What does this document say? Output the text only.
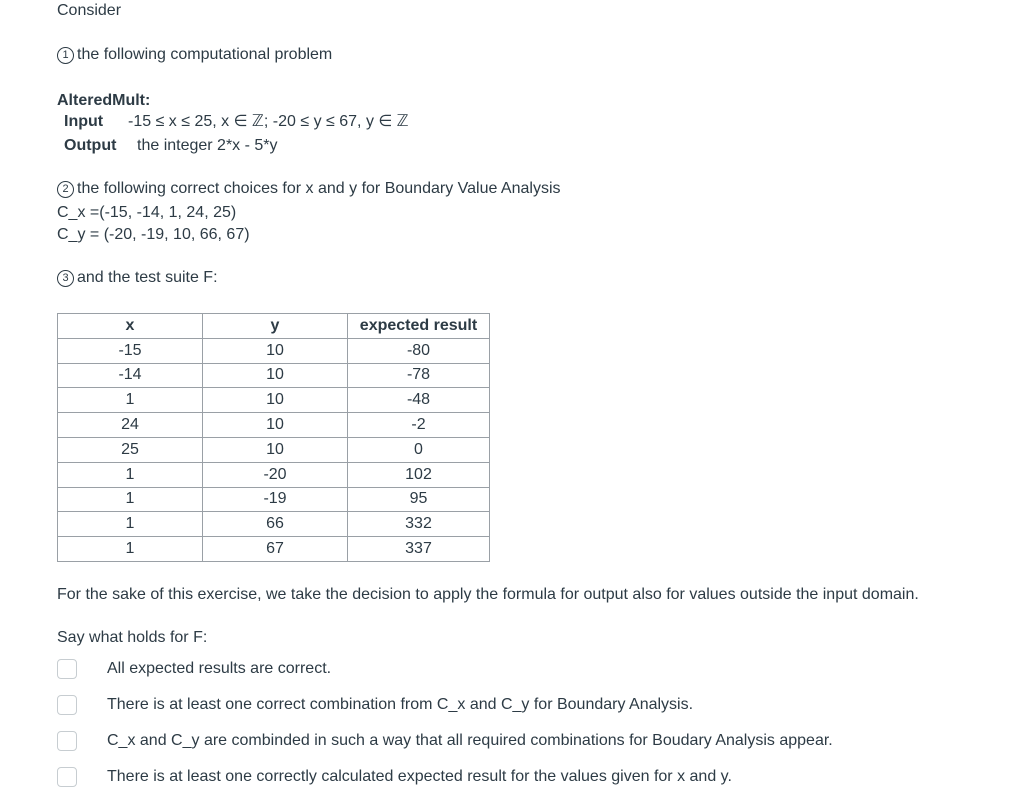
Consider
1 the following computational problem
AlteredMult:
Input -15 ≤ x ≤ 25, x ∈ ℤ; -20 ≤ y ≤ 67, y ∈ ℤ
Output the integer 2*x - 5*y
2 the following correct choices for x and y for Boundary Value Analysis
C_x =(-15, -14, 1, 24, 25)
C_y = (-20, -19, 10, 66, 67)
3 and the test suite F:
x	y	expected result
-15	10	-80
-14	10	-78
1	10	-48
24	10	-2
25	10	0
1	-20	102
1	-19	95
1	66	332
1	67	337
For the sake of this exercise, we take the decision to apply the formula for output also for values outside the input domain.
Say what holds for F:
All expected results are correct.
There is at least one correct combination from C_x and C_y for Boundary Analysis.
C_x and C_y are combinded in such a way that all required combinations for Boudary Analysis appear.
There is at least one correctly calculated expected result for the values given for x and y.
